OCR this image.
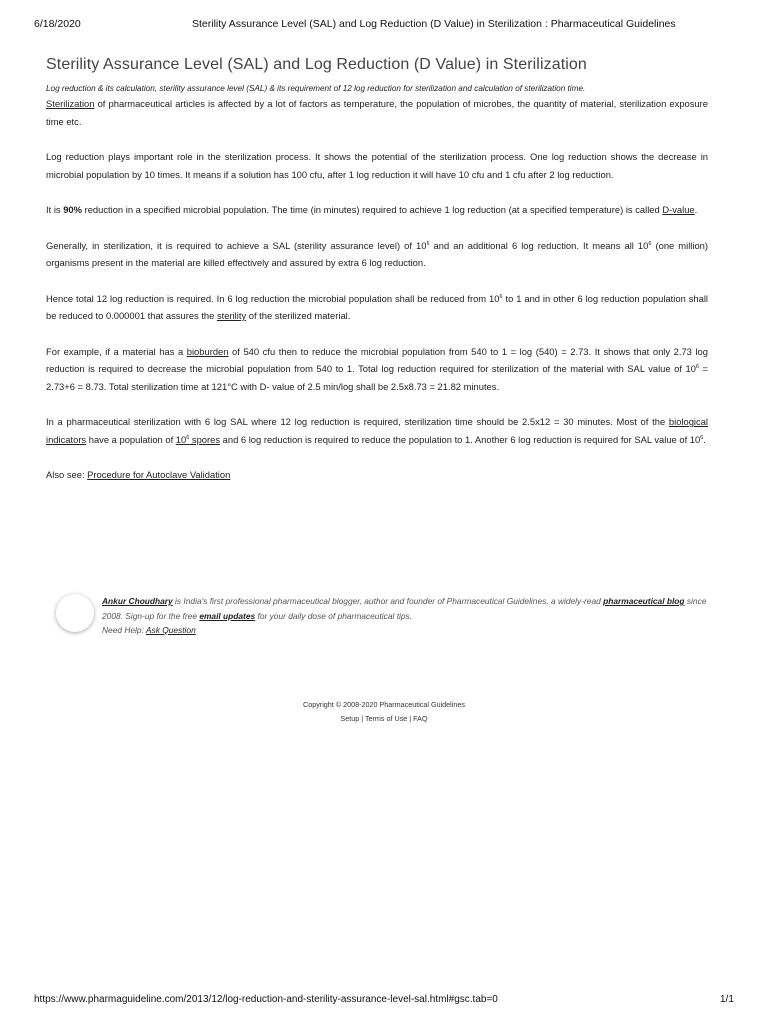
6/18/2020	Sterility Assurance Level (SAL) and Log Reduction (D Value) in Sterilization : Pharmaceutical Guidelines
Sterility Assurance Level (SAL) and Log Reduction (D Value) in Sterilization
Log reduction & its calculation, sterility assurance level (SAL) & its requirement of 12 log reduction for sterilization and calculation of sterilization time.

Sterilization of pharmaceutical articles is affected by a lot of factors as temperature, the population of microbes, the quantity of material, sterilization exposure time etc.

Log reduction plays important role in the sterilization process. It shows the potential of the sterilization process. One log reduction shows the decrease in microbial population by 10 times. It means if a solution has 100 cfu, after 1 log reduction it will have 10 cfu and 1 cfu after 2 log reduction.

It is 90% reduction in a specified microbial population. The time (in minutes) required to achieve 1 log reduction (at a specified temperature) is called D-value.

Generally, in sterilization, it is required to achieve a SAL (sterility assurance level) of $10^6$ and an additional 6 log reduction. It means all $10^6$ (one million) organisms present in the material are killed effectively and assured by extra 6 log reduction.

Hence total 12 log reduction is required. In 6 log reduction the microbial population shall be reduced from $10^6$ to 1 and in other 6 log reduction population shall be reduced to 0.000001 that assures the sterility of the sterilized material.

For example, if a material has a bioburden of 540 cfu then to reduce the microbial population from 540 to 1 = log (540) = 2.73. It shows that only 2.73 log reduction is required to decrease the microbial population from 540 to 1. Total log reduction required for sterilization of the material with SAL value of $10^6 = 2.73+6 = 8.73$. Total sterilization time at 121°C with D- value of 2.5 min/log shall be 2.5x8.73 = 21.82 minutes.

In a pharmaceutical sterilization with 6 log SAL where 12 log reduction is required, sterilization time should be 2.5x12 = 30 minutes. Most of the biological indicators have a population of $10^6$ spores and 6 log reduction is required to reduce the population to 1. Another 6 log reduction is required for SAL value of $10^6$.

Also see: Procedure for Autoclave Validation

Ankur Choudhary is India's first professional pharmaceutical blogger, author and founder of Pharmaceutical Guidelines, a widely-read pharmaceutical blog since 2008. Sign-up for the free email updates for your daily dose of pharmaceutical tips.
Need Help: Ask Question
Copyright © 2008-2020 Pharmaceutical Guidelines
Setup | Terms of Use | FAQ
https://www.pharmaguideline.com/2013/12/log-reduction-and-sterility-assurance-level-sal.html#gsc.tab=0	1/1
